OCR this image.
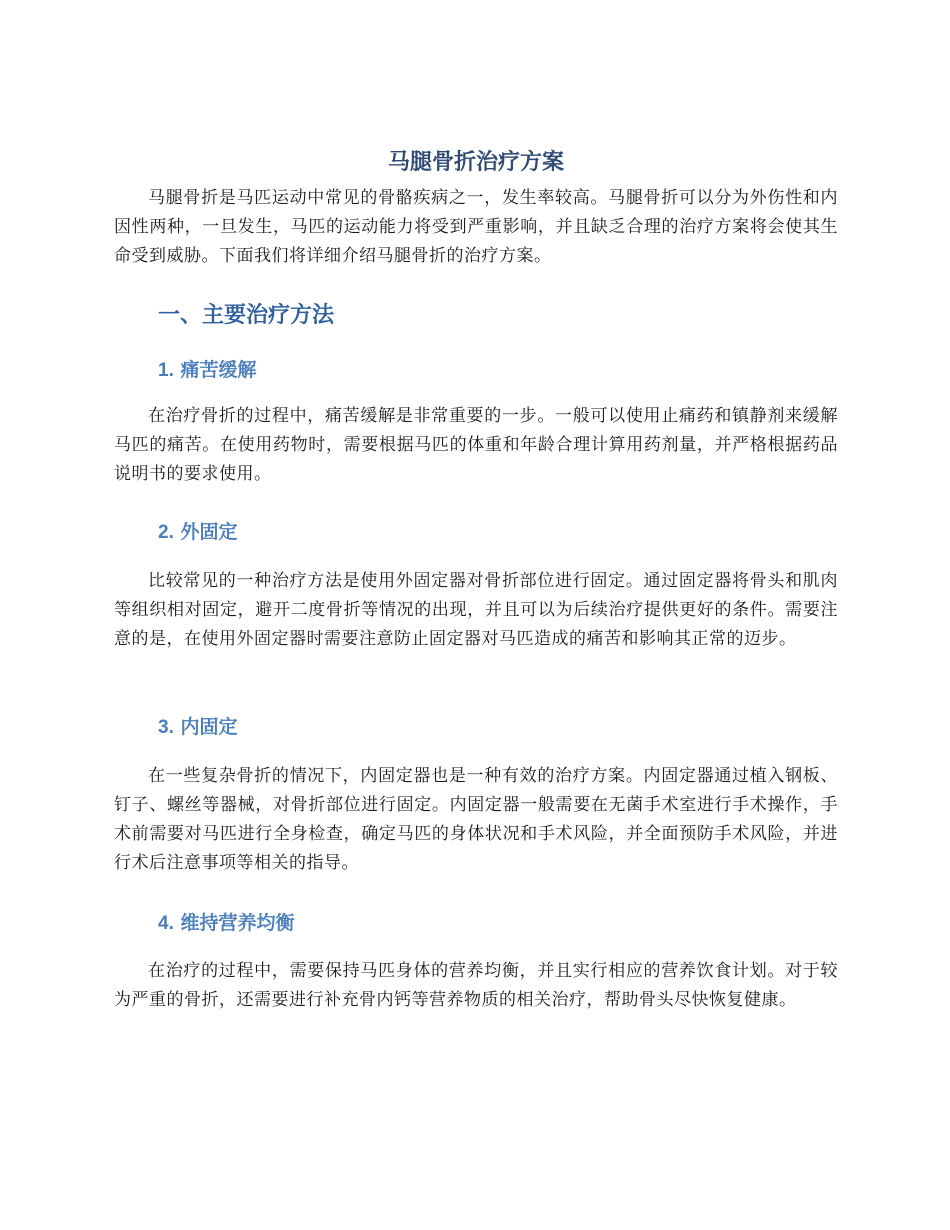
马腿骨折治疗方案

马腿骨折是马匹运动中常见的骨骼疾病之一，发生率较高。马腿骨折可以分为外伤性和内因性两种，一旦发生，马匹的运动能力将受到严重影响，并且缺乏合理的治疗方案将会使其生命受到威胁。下面我们将详细介绍马腿骨折的治疗方案。

一、主要治疗方法
1. 痛苦缓解

在治疗骨折的过程中，痛苦缓解是非常重要的一步。一般可以使用止痛药和镇静剂来缓解马匹的痛苦。在使用药物时，需要根据马匹的体重和年龄合理计算用药剂量，并严格根据药品说明书的要求使用。

2. 外固定

比较常见的一种治疗方法是使用外固定器对骨折部位进行固定。通过固定器将骨头和肌肉等组织相对固定，避开二度骨折等情况的出现，并且可以为后续治疗提供更好的条件。需要注意的是，在使用外固定器时需要注意防止固定器对马匹造成的痛苦和影响其正常的迈步。

3. 内固定

在一些复杂骨折的情况下，内固定器也是一种有效的治疗方案。内固定器通过植入钢板、钉子、螺丝等器械，对骨折部位进行固定。内固定器一般需要在无菌手术室进行手术操作，手术前需要对马匹进行全身检查，确定马匹的身体状况和手术风险，并全面预防手术风险，并进行术后注意事项等相关的指导。

4. 维持营养均衡

在治疗的过程中，需要保持马匹身体的营养均衡，并且实行相应的营养饮食计划。对于较为严重的骨折，还需要进行补充骨内钙等营养物质的相关治疗，帮助骨头尽快恢复健康。
